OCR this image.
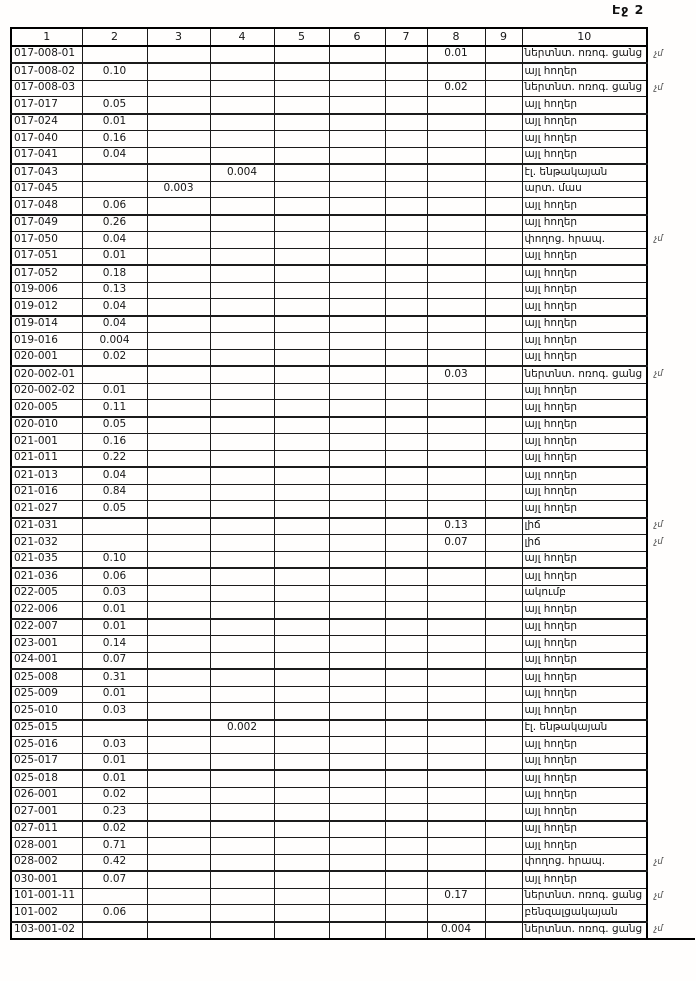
Էջ 2
1	2	3	4	5	6	7	8	9	10	
017-008-01							0.01		ներտնտ. ոռոգ. ցանց	չմ
017-008-02	0.10								այլ հողեր	
017-008-03							0.02		ներտնտ. ոռոգ. ցանց	չմ
017-017	0.05								այլ հողեր	
017-024	0.01								այլ հողեր	
017-040	0.16								այլ հողեր	
017-041	0.04								այլ հողեր	
017-043			0.004						էլ. ենթակայան	
017-045		0.003							արտ. մաս	
017-048	0.06								այլ հողեր	
017-049	0.26								այլ հողեր	
017-050	0.04								փողոց. հրապ.	չմ
017-051	0.01								այլ հողեր	
017-052	0.18								այլ հողեր	
019-006	0.13								այլ հողեր	
019-012	0.04								այլ հողեր	
019-014	0.04								այլ հողեր	
019-016	0.004								այլ հողեր	
020-001	0.02								այլ հողեր	
020-002-01							0.03		ներտնտ. ոռոգ. ցանց	չմ
020-002-02	0.01								այլ հողեր	
020-005	0.11								այլ հողեր	
020-010	0.05								այլ հողեր	
021-001	0.16								այլ հողեր	
021-011	0.22								այլ հողեր	
021-013	0.04								այլ ոողեր	
021-016	0.84								այլ հողեր	
021-027	0.05								այլ հողեր	
021-031							0.13		լիճ	չմ
021-032							0.07		լիճ	չմ
021-035	0.10								այլ հողեր	
021-036	0.06								այլ հողեր	
022-005	0.03								ակումբ	
022-006	0.01								այլ հողեր	
022-007	0.01								այլ հողեր	
023-001	0.14								այլ հողեր	
024-001	0.07								այլ հողեր	
025-008	0.31								այլ հողեր	
025-009	0.01								այլ հողեր	
025-010	0.03								այլ հողեր	
025-015			0.002						էլ. ենթակայան	
025-016	0.03								այլ հողեր	
025-017	0.01								այլ հողեր	
025-018	0.01								այլ հողեր	
026-001	0.02								այլ հողեր	
027-001	0.23								այլ հողեր	
027-011	0.02								այլ հողեր	
028-001	0.71								այլ հողեր	
028-002	0.42								փողոց. հրապ.	չմ
030-001	0.07								այլ հողեր	
101-001-11							0.17		ներտնտ. ոռոգ. ցանց	չմ
101-002	0.06								բենզալցակայան	
103-001-02							0.004		ներտնտ. ոռոգ. ցանց	չմ
